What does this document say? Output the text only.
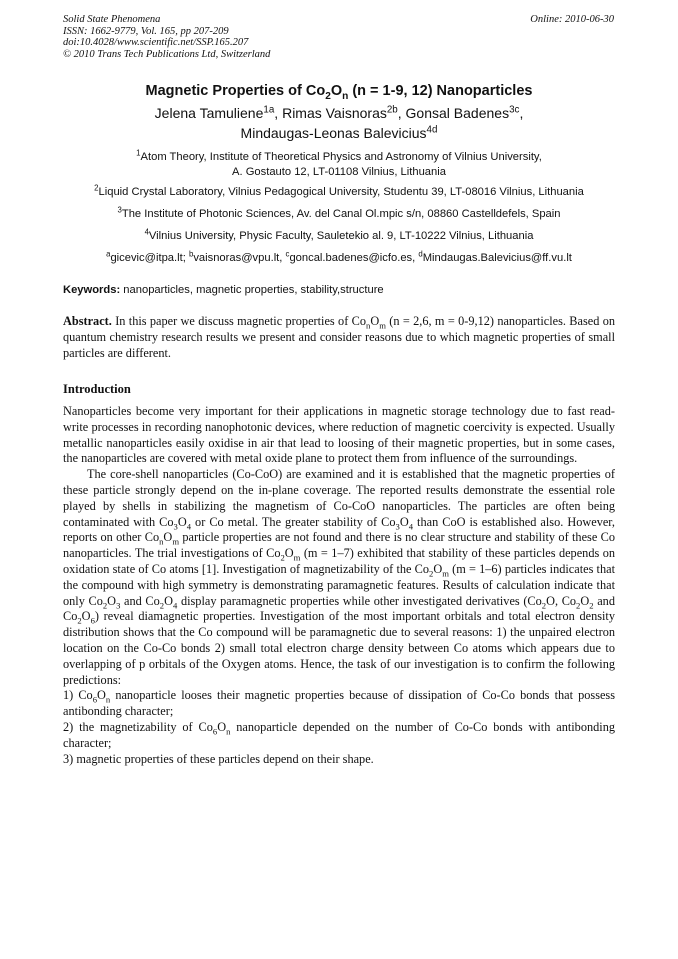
Solid State Phenomena
ISSN: 1662-9779, Vol. 165, pp 207-209
doi:10.4028/www.scientific.net/SSP.165.207
© 2010 Trans Tech Publications Ltd, Switzerland
Online: 2010-06-30
Magnetic Properties of $Co_2O_n$ (n = 1-9, 12) Nanoparticles
Jelena Tamuliene$^{1a}$, Rimas Vaisnoras$^{2b}$, Gonsal Badenes$^{3c}$,
Mindaugas-Leonas Balevicius$^{4d}$
$^1$Atom Theory, Institute of Theoretical Physics and Astronomy of Vilnius University,
A. Gostauto 12, LT-01108 Vilnius, Lithuania
$^2$Liquid Crystal Laboratory, Vilnius Pedagogical University, Studentu 39, LT-08016 Vilnius, Lithuania
$^3$The Institute of Photonic Sciences, Av. del Canal Ol.mpic s/n, 08860 Castelldefels, Spain
$^4$Vilnius University, Physic Faculty, Sauletekio al. 9, LT-10222 Vilnius, Lithuania
$^a$gicevic@itpa.lt; $^b$vaisnoras@vpu.lt, $^c$goncal.badenes@icfo.es, $^d$Mindaugas.Balevicius@ff.vu.lt
Keywords: nanoparticles, magnetic properties, stability,structure

Abstract. In this paper we discuss magnetic properties of $Co_nO_m$ (n = 2,6, m = 0-9,12) nanoparticles. Based on quantum chemistry research results we present and consider reasons due to which magnetic properties of small particles are different.

Introduction

Nanoparticles become very important for their applications in magnetic storage technology due to fast read-write processes in recording nanophotonic devices, where reduction of magnetic coercivity is expected. Usually metallic nanoparticles easily oxidise in air that lead to loosing of their magnetic properties, but in some cases, the nanoparticles are covered with metal oxide plane to protect them from influence of the surroundings.

The core-shell nanoparticles (Co-CoO) are examined and it is established that the magnetic properties of these particle strongly depend on the in-plane coverage. The reported results demonstrate the essential role played by shells in stabilizing the magnetism of Co-CoO nanoparticles. The particles are often being contaminated with $Co_3O_4$ or Co metal. The greater stability of $Co_3O_4$ than CoO is established also. However, reports on other $Co_nO_m$ particle properties are not found and there is no clear structure and stability of these Co nanoparticles. The trial investigations of $Co_2O_m$ (m = 1–7) exhibited that stability of these particles depends on oxidation state of Co atoms [1]. Investigation of magnetizability of the $Co_2O_m$ (m = 1–6) particles indicates that the compound with high symmetry is demonstrating paramagnetic features. Results of calculation indicate that only $Co_2O_3$ and $Co_2O_4$ display paramagnetic properties while other investigated derivatives ($Co_2O$, $Co_2O_2$ and $Co_2O_6$) reveal diamagnetic properties. Investigation of the most important orbitals and total electron density distribution shows that the Co compound will be paramagnetic due to several reasons: 1) the unpaired electron location on the Co-Co bonds 2) small total electron charge density between Co atoms which appears due to overlapping of p orbitals of the Oxygen atoms. Hence, the task of our investigation is to confirm the following predictions:

1) $Co_6O_n$ nanoparticle looses their magnetic properties because of dissipation of Co-Co bonds that possess antibonding character;

2) the magnetizability of $Co_6O_n$ nanoparticle depended on the number of Co-Co bonds with antibonding character;

3) magnetic properties of these particles depend on their shape.
